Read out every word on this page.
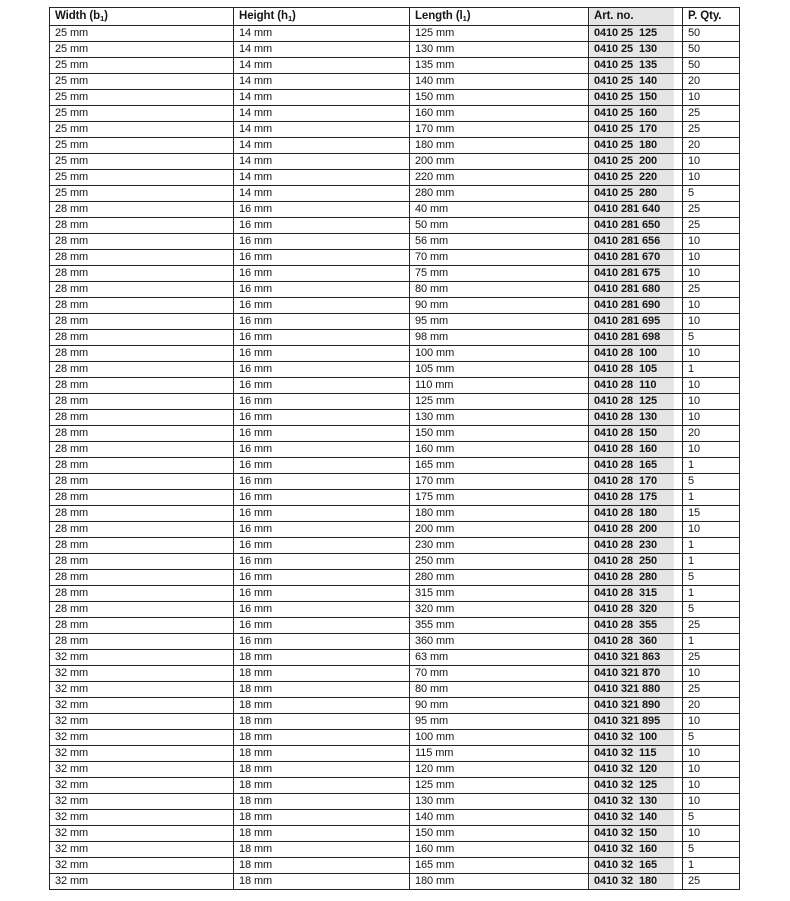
Width $(b_1)$	Height $(h_1)$	Length $(l_1)$	Art. no.	P. Qty.
25 mm	14 mm	125 mm	0410 25  125	50
25 mm	14 mm	130 mm	0410 25  130	50
25 mm	14 mm	135 mm	0410 25  135	50
25 mm	14 mm	140 mm	0410 25  140	20
25 mm	14 mm	150 mm	0410 25  150	10
25 mm	14 mm	160 mm	0410 25  160	25
25 mm	14 mm	170 mm	0410 25  170	25
25 mm	14 mm	180 mm	0410 25  180	20
25 mm	14 mm	200 mm	0410 25  200	10
25 mm	14 mm	220 mm	0410 25  220	10
25 mm	14 mm	280 mm	0410 25  280	5
28 mm	16 mm	40 mm	0410 281 640	25
28 mm	16 mm	50 mm	0410 281 650	25
28 mm	16 mm	56 mm	0410 281 656	10
28 mm	16 mm	70 mm	0410 281 670	10
28 mm	16 mm	75 mm	0410 281 675	10
28 mm	16 mm	80 mm	0410 281 680	25
28 mm	16 mm	90 mm	0410 281 690	10
28 mm	16 mm	95 mm	0410 281 695	10
28 mm	16 mm	98 mm	0410 281 698	5
28 mm	16 mm	100 mm	0410 28  100	10
28 mm	16 mm	105 mm	0410 28  105	1
28 mm	16 mm	110 mm	0410 28  110	10
28 mm	16 mm	125 mm	0410 28  125	10
28 mm	16 mm	130 mm	0410 28  130	10
28 mm	16 mm	150 mm	0410 28  150	20
28 mm	16 mm	160 mm	0410 28  160	10
28 mm	16 mm	165 mm	0410 28  165	1
28 mm	16 mm	170 mm	0410 28  170	5
28 mm	16 mm	175 mm	0410 28  175	1
28 mm	16 mm	180 mm	0410 28  180	15
28 mm	16 mm	200 mm	0410 28  200	10
28 mm	16 mm	230 mm	0410 28  230	1
28 mm	16 mm	250 mm	0410 28  250	1
28 mm	16 mm	280 mm	0410 28  280	5
28 mm	16 mm	315 mm	0410 28  315	1
28 mm	16 mm	320 mm	0410 28  320	5
28 mm	16 mm	355 mm	0410 28  355	25
28 mm	16 mm	360 mm	0410 28  360	1
32 mm	18 mm	63 mm	0410 321 863	25
32 mm	18 mm	70 mm	0410 321 870	10
32 mm	18 mm	80 mm	0410 321 880	25
32 mm	18 mm	90 mm	0410 321 890	20
32 mm	18 mm	95 mm	0410 321 895	10
32 mm	18 mm	100 mm	0410 32  100	5
32 mm	18 mm	115 mm	0410 32  115	10
32 mm	18 mm	120 mm	0410 32  120	10
32 mm	18 mm	125 mm	0410 32  125	10
32 mm	18 mm	130 mm	0410 32  130	10
32 mm	18 mm	140 mm	0410 32  140	5
32 mm	18 mm	150 mm	0410 32  150	10
32 mm	18 mm	160 mm	0410 32  160	5
32 mm	18 mm	165 mm	0410 32  165	1
32 mm	18 mm	180 mm	0410 32  180	25
